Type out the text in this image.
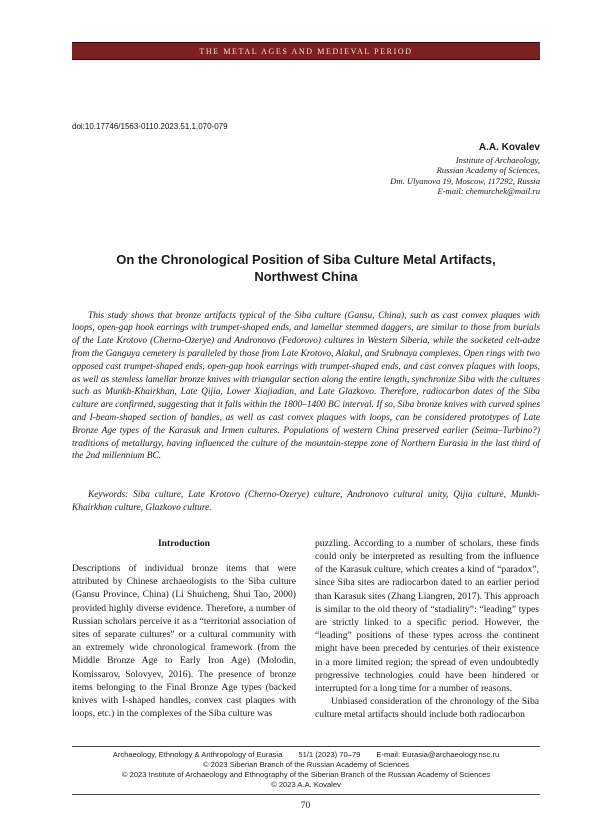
THE METAL AGES AND MEDIEVAL PERIOD
doi:10.17746/1563-0110.2023.51.1.070-079
A.A. Kovalev
Institute of Archaeology,
Russian Academy of Sciences,
Dm. Ulyanova 19, Moscow, 117292, Russia
E-mail: chemurchek@mail.ru
On the Chronological Position of Siba Culture Metal Artifacts,
Northwest China
This study shows that bronze artifacts typical of the Siba culture (Gansu, China), such as cast convex plaques with loops, open-gap hook earrings with trumpet-shaped ends, and lamellar stemmed daggers, are similar to those from burials of the Late Krotovo (Cherno-Ozerye) and Andronovo (Fedorovo) cultures in Western Siberia, while the socketed celt-adze from the Ganguya cemetery is paralleled by those from Late Krotovo, Alakul, and Srubnaya complexes. Open rings with two opposed cast trumpet-shaped ends, open-gap hook earrings with trumpet-shaped ends, and cast convex plaques with loops, as well as stemless lamellar bronze knives with triangular section along the entire length, synchronize Siba with the cultures such as Munkh-Khairkhan, Late Qijia, Lower Xiajiadian, and Late Glazkovo. Therefore, radiocarbon dates of the Siba culture are confirmed, suggesting that it falls within the 1800–1400 BC interval. If so, Siba bronze knives with curved spines and I-beam-shaped section of handles, as well as cast convex plaques with loops, can be considered prototypes of Late Bronze Age types of the Karasuk and Irmen cultures. Populations of western China preserved earlier (Seima–Turbino?) traditions of metallurgy, having influenced the culture of the mountain-steppe zone of Northern Eurasia in the last third of the 2nd millennium BC.
Keywords: Siba culture, Late Krotovo (Cherno-Ozerye) culture, Andronovo cultural unity, Qijia culture, Munkh-Khairkhan culture, Glazkovo culture.
Introduction

Descriptions of individual bronze items that were attributed by Chinese archaeologists to the Siba culture (Gansu Province, China) (Li Shuicheng, Shui Tao, 2000) provided highly diverse evidence. Therefore, a number of Russian scholars perceive it as a “territorial association of sites of separate cultures” or a cultural community with an extremely wide chronological framework (from the Middle Bronze Age to Early Iron Age) (Molodin, Komissarov, Solovyev, 2016). The presence of bronze items belonging to the Final Bronze Age types (backed knives with I-shaped handles, convex cast plaques with loops, etc.) in the complexes of the Siba culture was

puzzling. According to a number of scholars, these finds could only be interpreted as resulting from the influence of the Karasuk culture, which creates a kind of “paradox”, since Siba sites are radiocarbon dated to an earlier period than Karasuk sites (Zhang Liangren, 2017). This approach is similar to the old theory of “stadiality”: “leading” types are strictly linked to a specific period. However, the “leading” positions of these types across the continent might have been preceded by centuries of their existence in a more limited region; the spread of even undoubtedly progressive technologies could have been hindered or interrupted for a long time for a number of reasons.

Unbiased consideration of the chronology of the Siba culture metal artifacts should include both radiocarbon

Archaeology, Ethnology & Anthropology of Eurasia 51/1 (2023) 70–79 E-mail: Eurasia@archaeology.nsc.ru
© 2023 Siberian Branch of the Russian Academy of Sciences
© 2023 Institute of Archaeology and Ethnography of the Siberian Branch of the Russian Academy of Sciences
© 2023 A.A. Kovalev
70
